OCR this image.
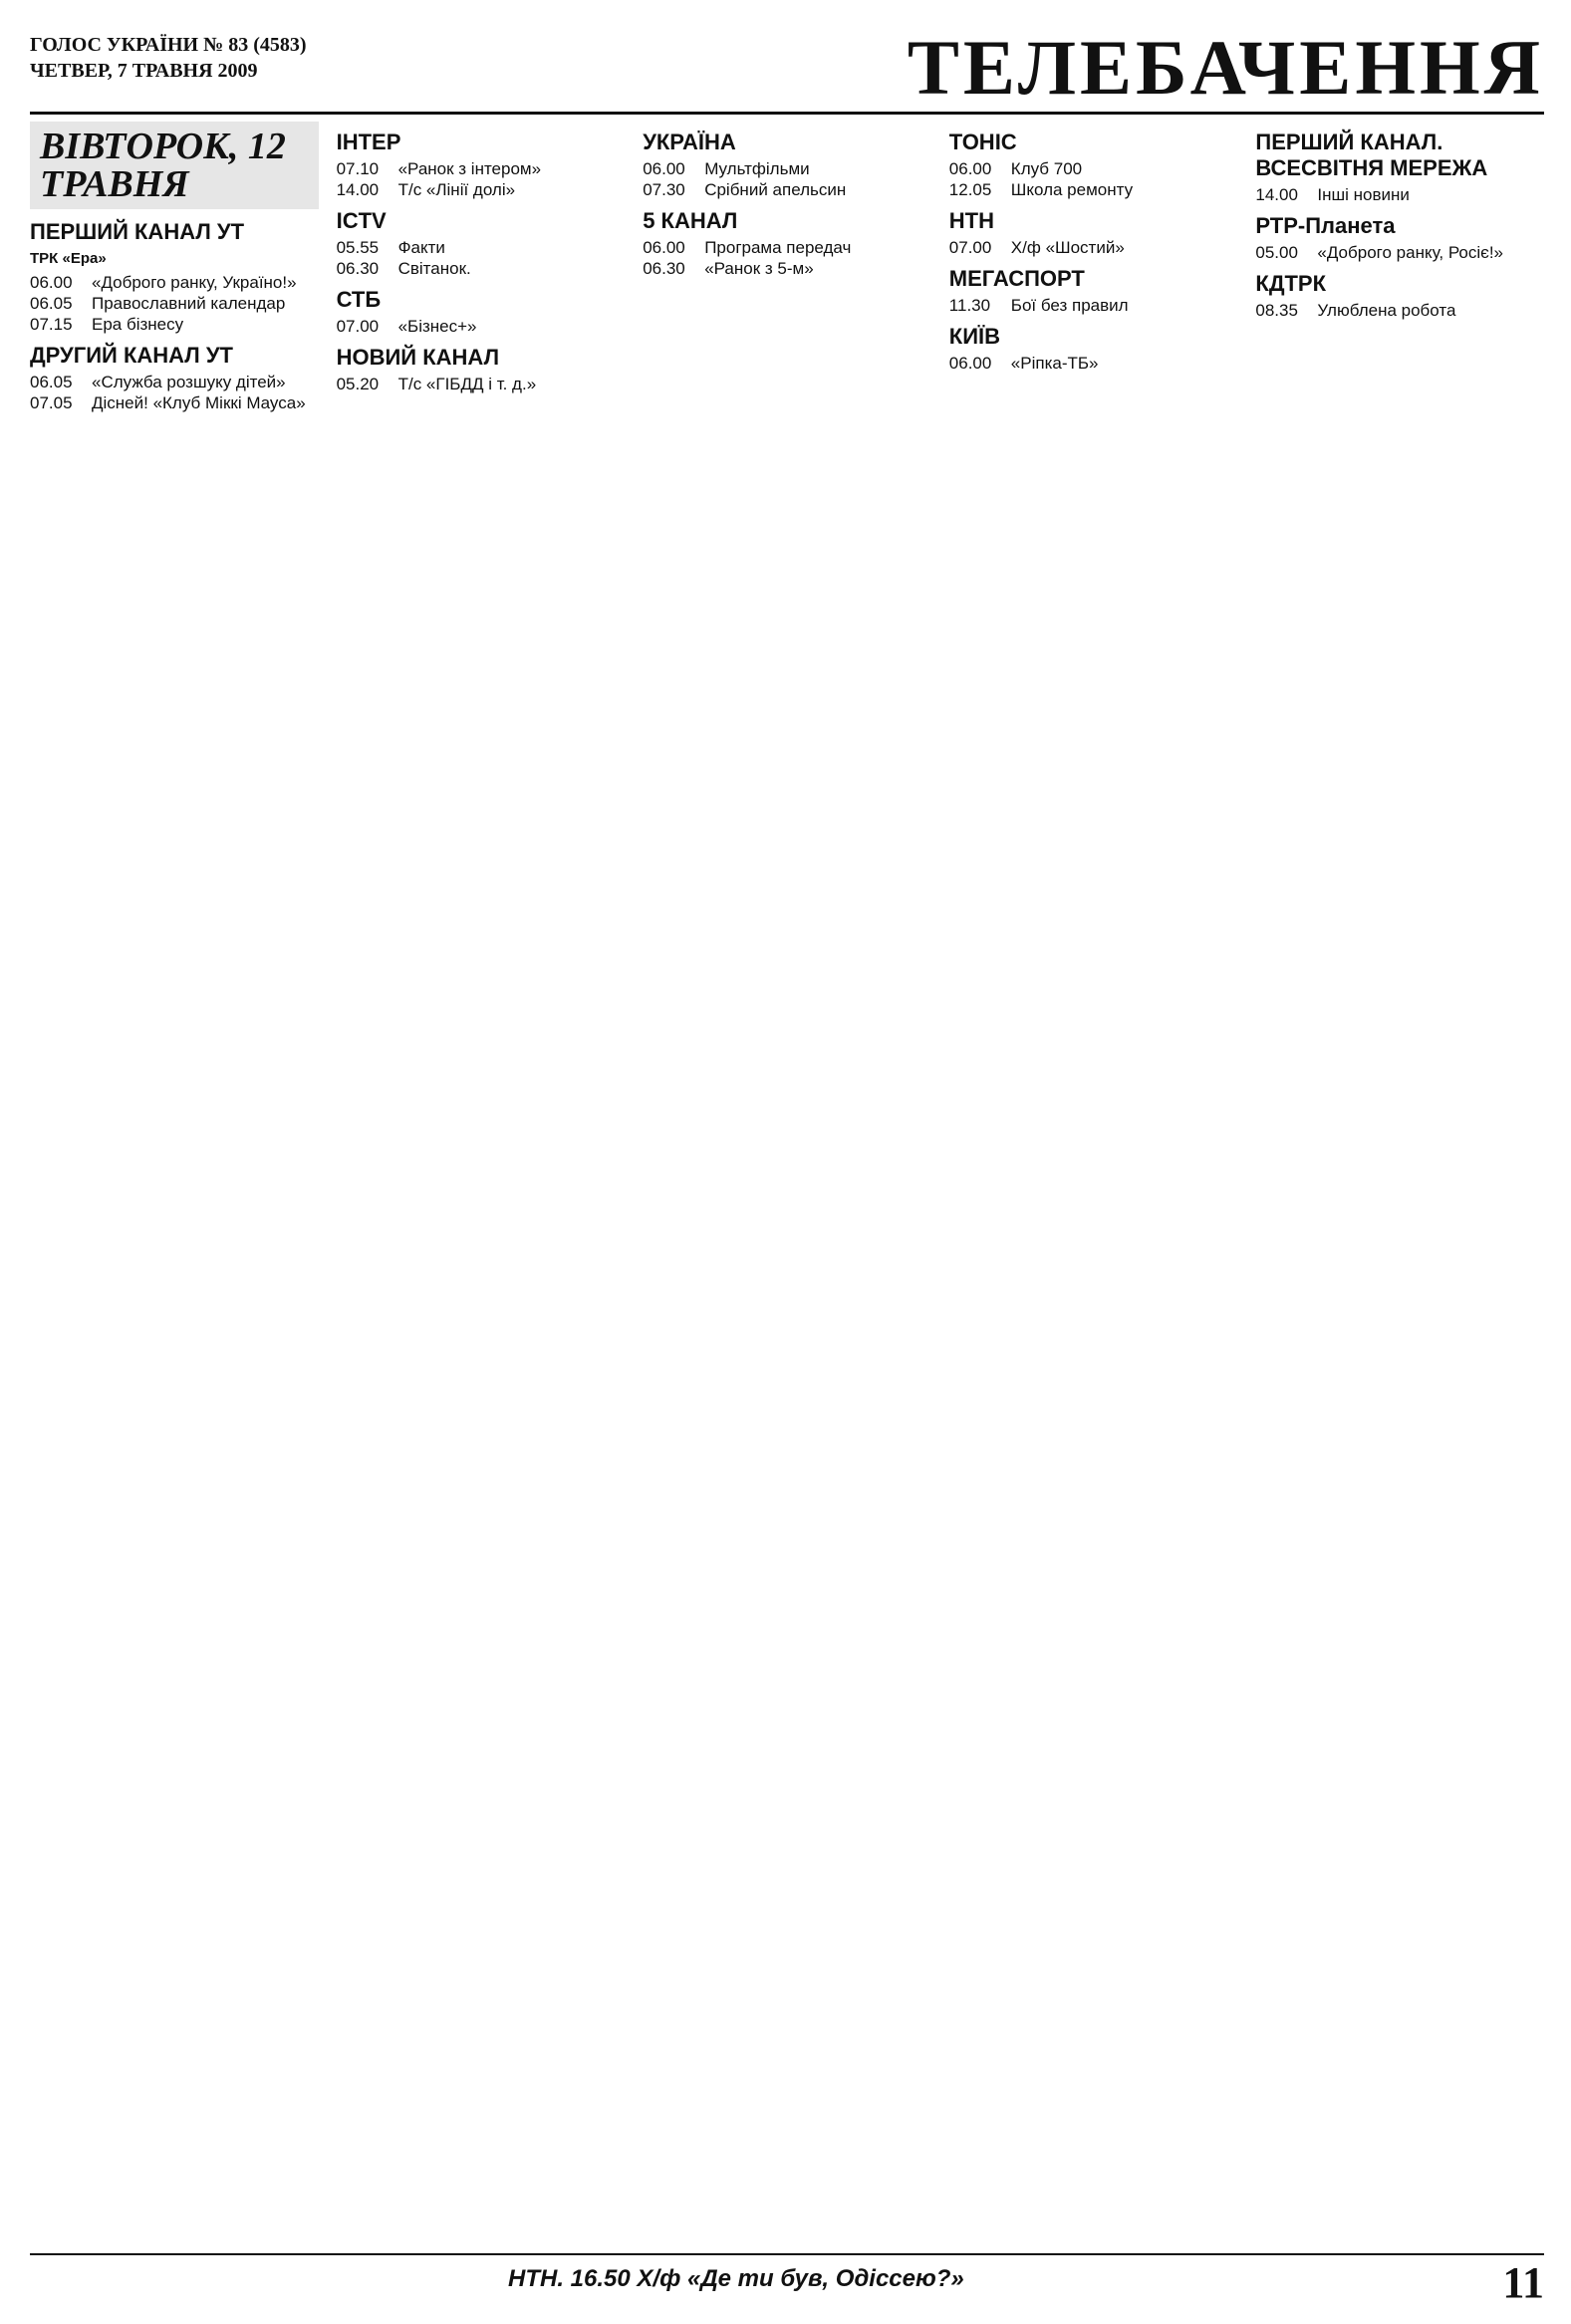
ГОЛОС УКРАЇНИ № 83 (4583)
ЧЕТВЕР, 7 ТРАВНЯ 2009	ТЕЛЕБАЧЕННЯ
ВІВТОРОК, 12 ТРАВНЯ
ПЕРШИЙ КАНАЛ УТ
ТРК «Ера»
06.00	«Доброго ранку, Україно!»
06.05	Православний календар
07.15	Ера бізнесу
ДРУГИЙ КАНАЛ УТ
06.05	«Служба розшуку дітей»
07.05	Дісней! «Клуб Міккі Мауса»
ІНТЕР
07.10	«Ранок з інтером»
14.00	Т/с «Лінії долі»
ICTV
05.55	Факти
06.30	Світанок.
СТБ
07.00	«Бізнес+»
НОВИЙ КАНАЛ
05.20	Т/с «ГІБДД і т. д.»
УКРАЇНА
06.00	Мультфільми
07.30	Срібний апельсин
5 КАНАЛ
06.00	Програма передач
06.30	«Ранок з 5-м»
ТОНІС
06.00	Клуб 700
12.05	Школа ремонту
НТН
07.00	Х/ф «Шостий»
МЕГАСПОРТ
11.30	Бої без правил
КИЇВ
06.00	«Ріпка-ТБ»
ПЕРШИЙ КАНАЛ. ВСЕСВІТНЯ МЕРЕЖА
14.00	Інші новини
РТР-Планета
05.00	«Доброго ранку, Росіє!»
КДТРК
08.35	Улюблена робота
НТН. 16.50 Х/ф «Де ти був, Одіссею?»	11
